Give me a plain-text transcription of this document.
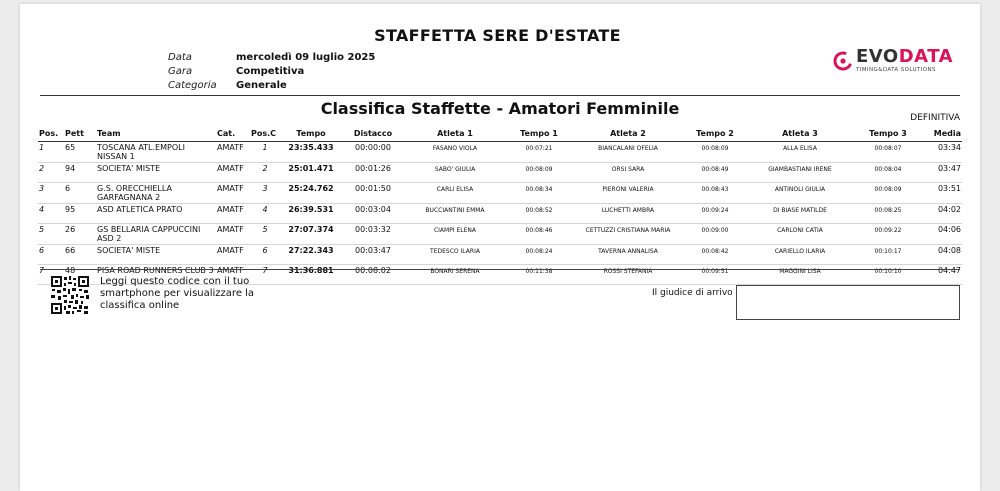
STAFFETTA SERE D'ESTATE
Data	mercoledì 09 luglio 2025
Gara	Competitiva
Categoria	Generale
EVODATA
TIMING&DATA SOLUTIONS
Classifica Staffette - Amatori Femminile	DEFINITIVA
Pos.	Pett	Team	Cat.	Pos.C	Tempo	Distacco	Atleta 1	Tempo 1	Atleta 2	Tempo 2	Atleta 3	Tempo 3	Media
1	65	TOSCANA ATL.EMPOLI NISSAN 1	AMATF	1	23:35.433	00:00:00	FASANO VIOLA	00:07:21	BIANCALANI OFELIA	00:08:09	ALLA ELISA	00:08:07	03:34
2	94	SOCIETA' MISTE	AMATF	2	25:01.471	00:01:26	SABO' GIULIA	00:08:09	ORSI SARA	00:08:49	GIAMBASTIANI IRENE	00:08:04	03:47
3	6	G.S. ORECCHIELLA GARFAGNANA 2	AMATF	3	25:24.762	00:01:50	CARLI ELISA	00:08:34	PIERONI VALERIA	00:08:43	ANTINOLI GIULIA	00:08:09	03:51
4	95	ASD ATLETICA PRATO	AMATF	4	26:39.531	00:03:04	BUCCIANTINI EMMA	00:08:52	LUCHETTI AMBRA	00:09:24	DI BIASE MATILDE	00:08:25	04:02
5	26	GS BELLARIA CAPPUCCINI ASD 2	AMATF	5	27:07.374	00:03:32	CIAMPI ELENA	00:08:46	CETTUZZI CRISTIANA MARIA	00:09:00	CARLONI CATIA	00:09:22	04:06
6	66	SOCIETA' MISTE	AMATF	6	27:22.343	00:03:47	TEDESCO ILARIA	00:08:24	TAVERNA ANNALISA	00:08:42	CARIELLO ILARIA	00:10:17	04:08
7	48	PISA ROAD RUNNERS CLUB 3	AMATF	7	31:36.881	00:08:02	BONARI SERENA	00:11:38	ROSSI STEFANIA	00:09:51	MAGGINI LISA	00:10:10	04:47
Leggi questo codice con il tuo smartphone per visualizzare la classifica online
Il giudice di arrivo
